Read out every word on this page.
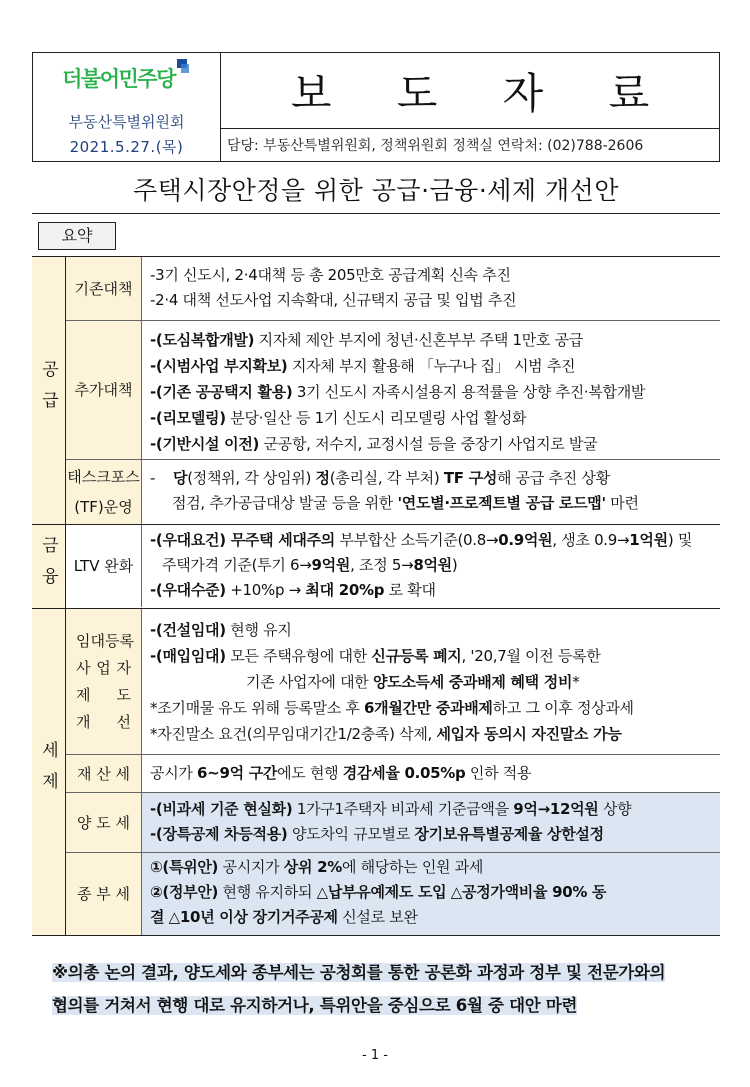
더불어민주당
부동산특별위원회
2021.5.27.(목)
보 도 자 료
담당: 부동산특별위원회, 정책위원회 정책실 연락처: (02)788-2606
주택시장안정을 위한 공급·금융·세제 개선안
요약
공급
기존대책
-3기 신도시, 2·4대책 등 총 205만호 공급계획 신속 추진
-2·4 대책 선도사업 지속확대, 신규택지 공급 및 입법 추진
추가대책
-(도심복합개발) 지자체 제안 부지에 청년·신혼부부 주택 1만호 공급
-(시범사업 부지확보) 지자체 부지 활용해 「누구나 집」 시범 추진
-(기존 공공택지 활용) 3기 신도시 자족시설용지 용적률을 상향 추진·복합개발
-(리모델링) 분당·일산 등 1기 신도시 리모델링 사업 활성화
-(기반시설 이전) 군공항, 저수지, 교정시설 등을 중장기 사업지로 발굴
태스크포스
(TF)운영
-    당(정책위, 각 상임위) 정(총리실, 각 부처) TF 구성해 공급 추진 상황
점검, 추가공급대상 발굴 등을 위한 '연도별·프로젝트별 공급 로드맵' 마련
금융	LTV 완화
-(우대요건) 무주택 세대주의 부부합산 소득기준(0.8→0.9억원, 생초 0.9→1억원) 및
주택가격 기준(투기 6→9억원, 조정 5→8억원)
-(우대수준) +10%p → 최대 20%p 로 확대
세제
임 대 등 록
사 업 자
제 도
개 선
-(건설임대) 현행 유지
-(매입임대) 모든 주택유형에 대한 신규등록 폐지, '20,7월 이전 등록한
기존 사업자에 대한 양도소득세 중과배제 혜택 정비*
*조기매물 유도 위해 등록말소 후 6개월간만 중과배제하고 그 이후 정상과세
*자진말소 요건(의무임대기간1/2충족) 삭제, 세입자 동의시 자진말소 가능
재 산 세	공시가 6~9억 구간에도 현행 경감세율 0.05%p 인하 적용
양 도 세
-(비과세 기준 현실화) 1가구1주택자 비과세 기준금액을 9억→12억원 상향
-(장특공제 차등적용) 양도차익 규모별로 장기보유특별공제율 상한설정
종 부 세
①(특위안) 공시지가 상위 2%에 해당하는 인원 과세
②(정부안) 현행 유지하되 △납부유예제도 도입 △공정가액비율 90% 동
결 △10년 이상 장기거주공제 신설로 보완
※의총 논의 결과, 양도세와 종부세는 공청회를 통한 공론화 과정과 정부 및 전문가와의
협의를 거쳐서 현행 대로 유지하거나, 특위안을 중심으로 6월 중 대안 마련
- 1 -
